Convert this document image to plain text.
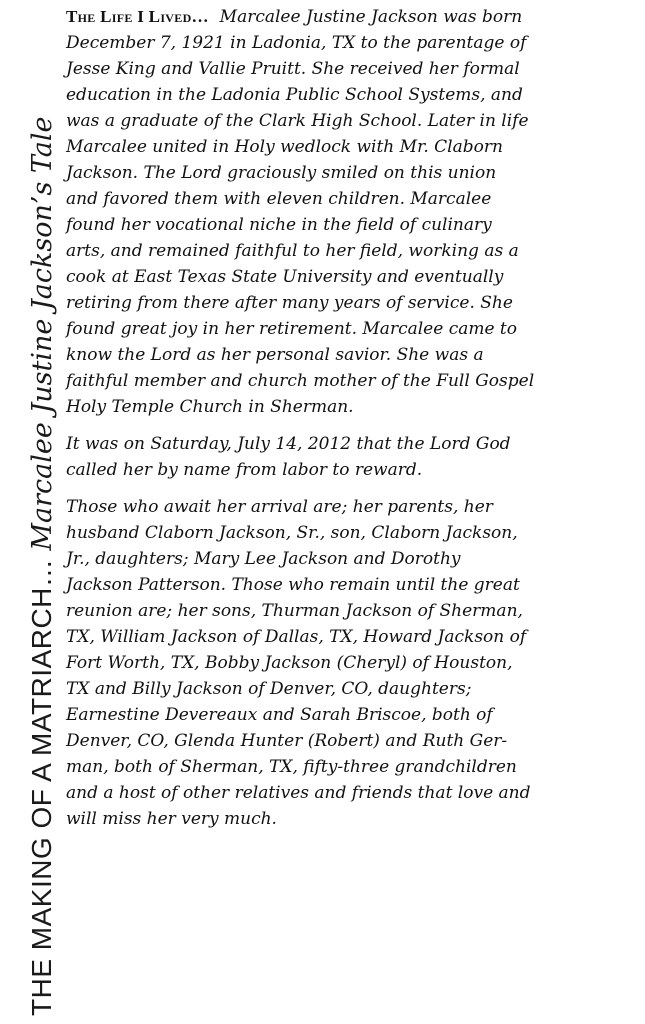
THE MAKING OF A MATRIARCH…Marcalee Justine Jackson’s Tale

The Life I Lived… Marcalee Justine Jackson was born
December 7, 1921 in Ladonia, TX to the parentage of
Jesse King and Vallie Pruitt. She received her formal
education in the Ladonia Public School Systems, and
was a graduate of the Clark High School. Later in life
Marcalee united in Holy wedlock with Mr. Claborn
Jackson. The Lord graciously smiled on this union
and favored them with eleven children. Marcalee
found her vocational niche in the field of culinary
arts, and remained faithful to her field, working as a
cook at East Texas State University and eventually
retiring from there after many years of service. She
found great joy in her retirement. Marcalee came to
know the Lord as her personal savior. She was a
faithful member and church mother of the Full Gospel
Holy Temple Church in Sherman.

It was on Saturday, July 14, 2012 that the Lord God
called her by name from labor to reward.

Those who await her arrival are; her parents, her
husband Claborn Jackson, Sr., son, Claborn Jackson,
Jr., daughters; Mary Lee Jackson and Dorothy
Jackson Patterson. Those who remain until the great
reunion are; her sons, Thurman Jackson of Sherman,
TX, William Jackson of Dallas, TX, Howard Jackson of
Fort Worth, TX, Bobby Jackson (Cheryl) of Houston,
TX and Billy Jackson of Denver, CO, daughters;
Earnestine Devereaux and Sarah Briscoe, both of
Denver, CO, Glenda Hunter (Robert) and Ruth Ger-
man, both of Sherman, TX, fifty-three grandchildren
and a host of other relatives and friends that love and
will miss her very much.
